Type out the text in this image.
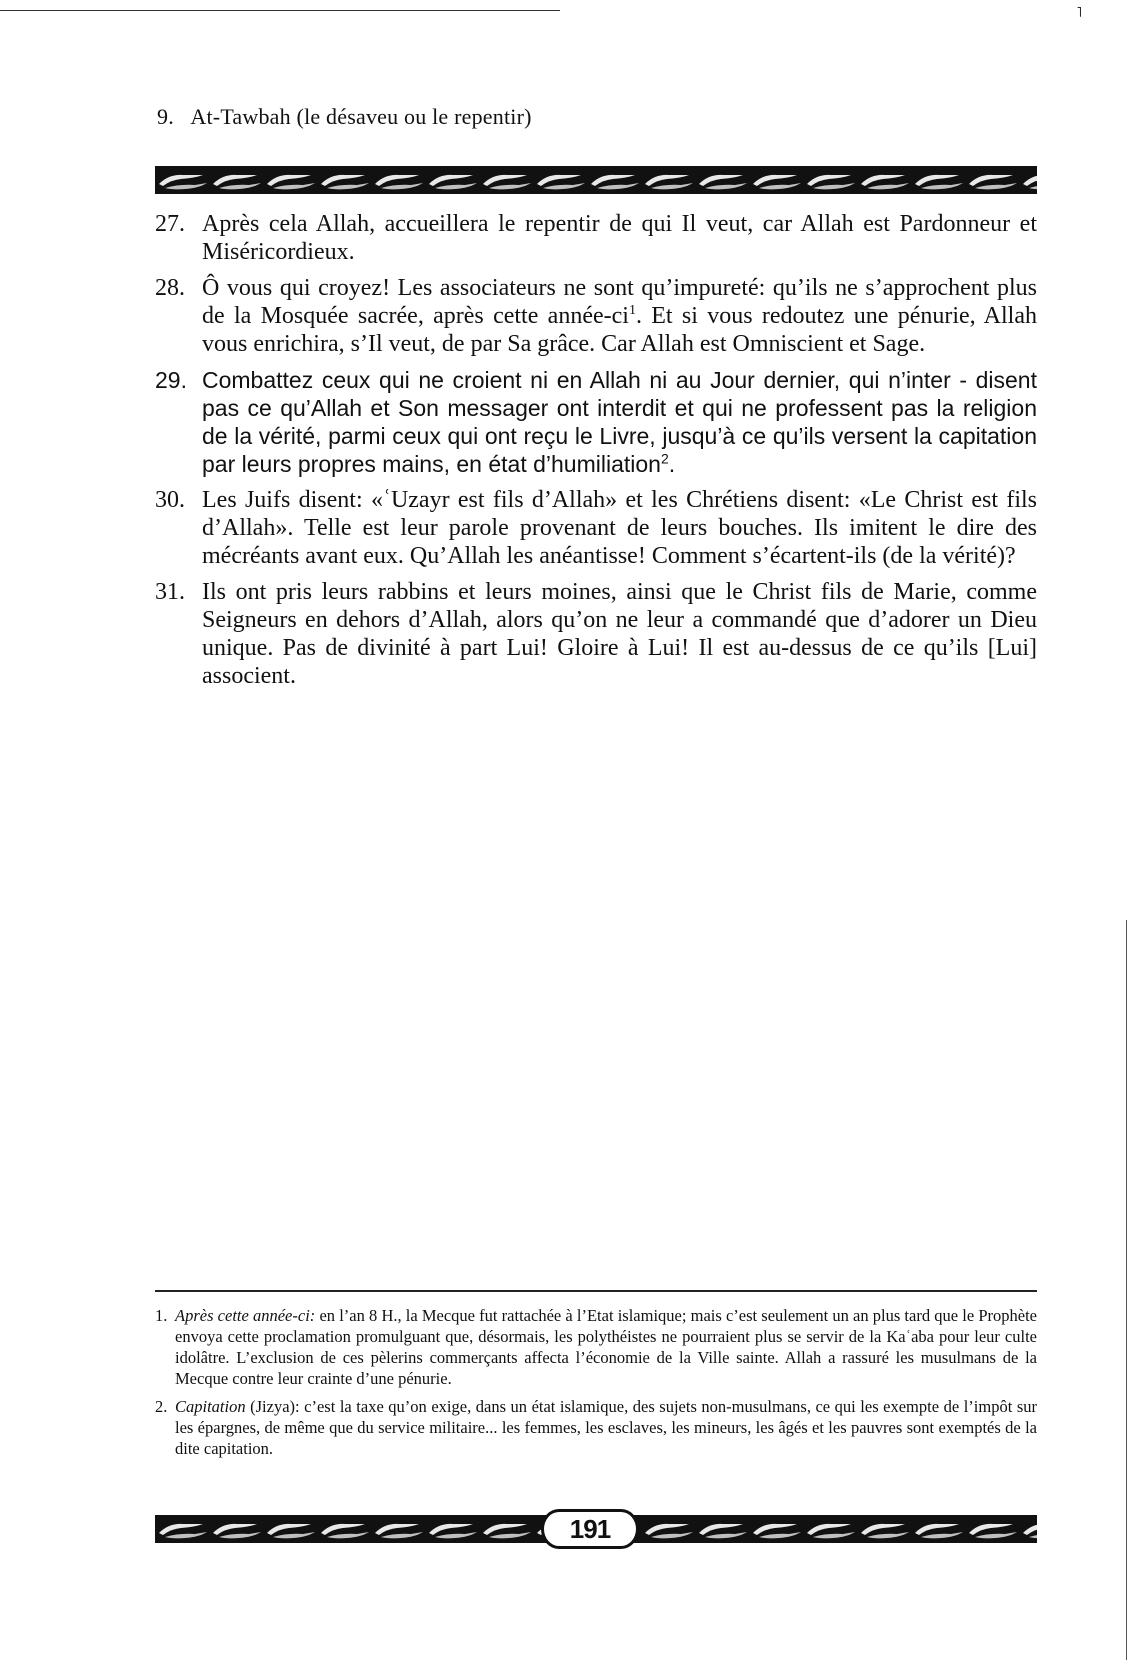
˥
9. At-Tawbah (le désaveu ou le repentir)
27. Après cela Allah, accueillera le repentir de qui Il veut, car Allah est Pardonneur et Miséricordieux.
28. Ô vous qui croyez! Les associateurs ne sont qu’impureté: qu’ils ne s’approchent plus de la Mosquée sacrée, après cette année-$ci^1$. Et si vous redoutez une pénurie, Allah vous enrichira, s’Il veut, de par Sa grâce. Car Allah est Omniscient et Sage.
29. Combattez ceux qui ne croient ni en Allah ni au Jour dernier, qui n’inter - disent pas ce qu’Allah et Son messager ont interdit et qui ne professent pas la religion de la vérité, parmi ceux qui ont reçu le Livre, jusqu’à ce qu’ils versent la capitation par leurs propres mains, en état d’humiliation$^2$.
30. Les Juifs disent: «ʿUzayr est fils d’Allah» et les Chrétiens disent: «Le Christ est fils d’Allah». Telle est leur parole provenant de leurs bouches. Ils imitent le dire des mécréants avant eux. Qu’Allah les anéantisse! Comment s’écartent-ils (de la vérité)?
31. Ils ont pris leurs rabbins et leurs moines, ainsi que le Christ fils de Marie, comme Seigneurs en dehors d’Allah, alors qu’on ne leur a commandé que d’adorer un Dieu unique. Pas de divinité à part Lui! Gloire à Lui! Il est au-dessus de ce qu’ils [Lui] associent.
1. Après cette année-ci: en l’an 8 H., la Mecque fut rattachée à l’Etat islamique; mais c’est seulement un an plus tard que le Prophète envoya cette proclamation promulguant que, désormais, les polythéistes ne pourraient plus se servir de la Kaʿaba pour leur culte idolâtre. L’exclusion de ces pèlerins commerçants affecta l’économie de la Ville sainte. Allah a rassuré les musulmans de la Mecque contre leur crainte d’une pénurie.
2. Capitation (Jizya): c’est la taxe qu’on exige, dans un état islamique, des sujets non-musulmans, ce qui les exempte de l’impôt sur les épargnes, de même que du service militaire... les femmes, les esclaves, les mineurs, les âgés et les pauvres sont exemptés de la dite capitation.
191
